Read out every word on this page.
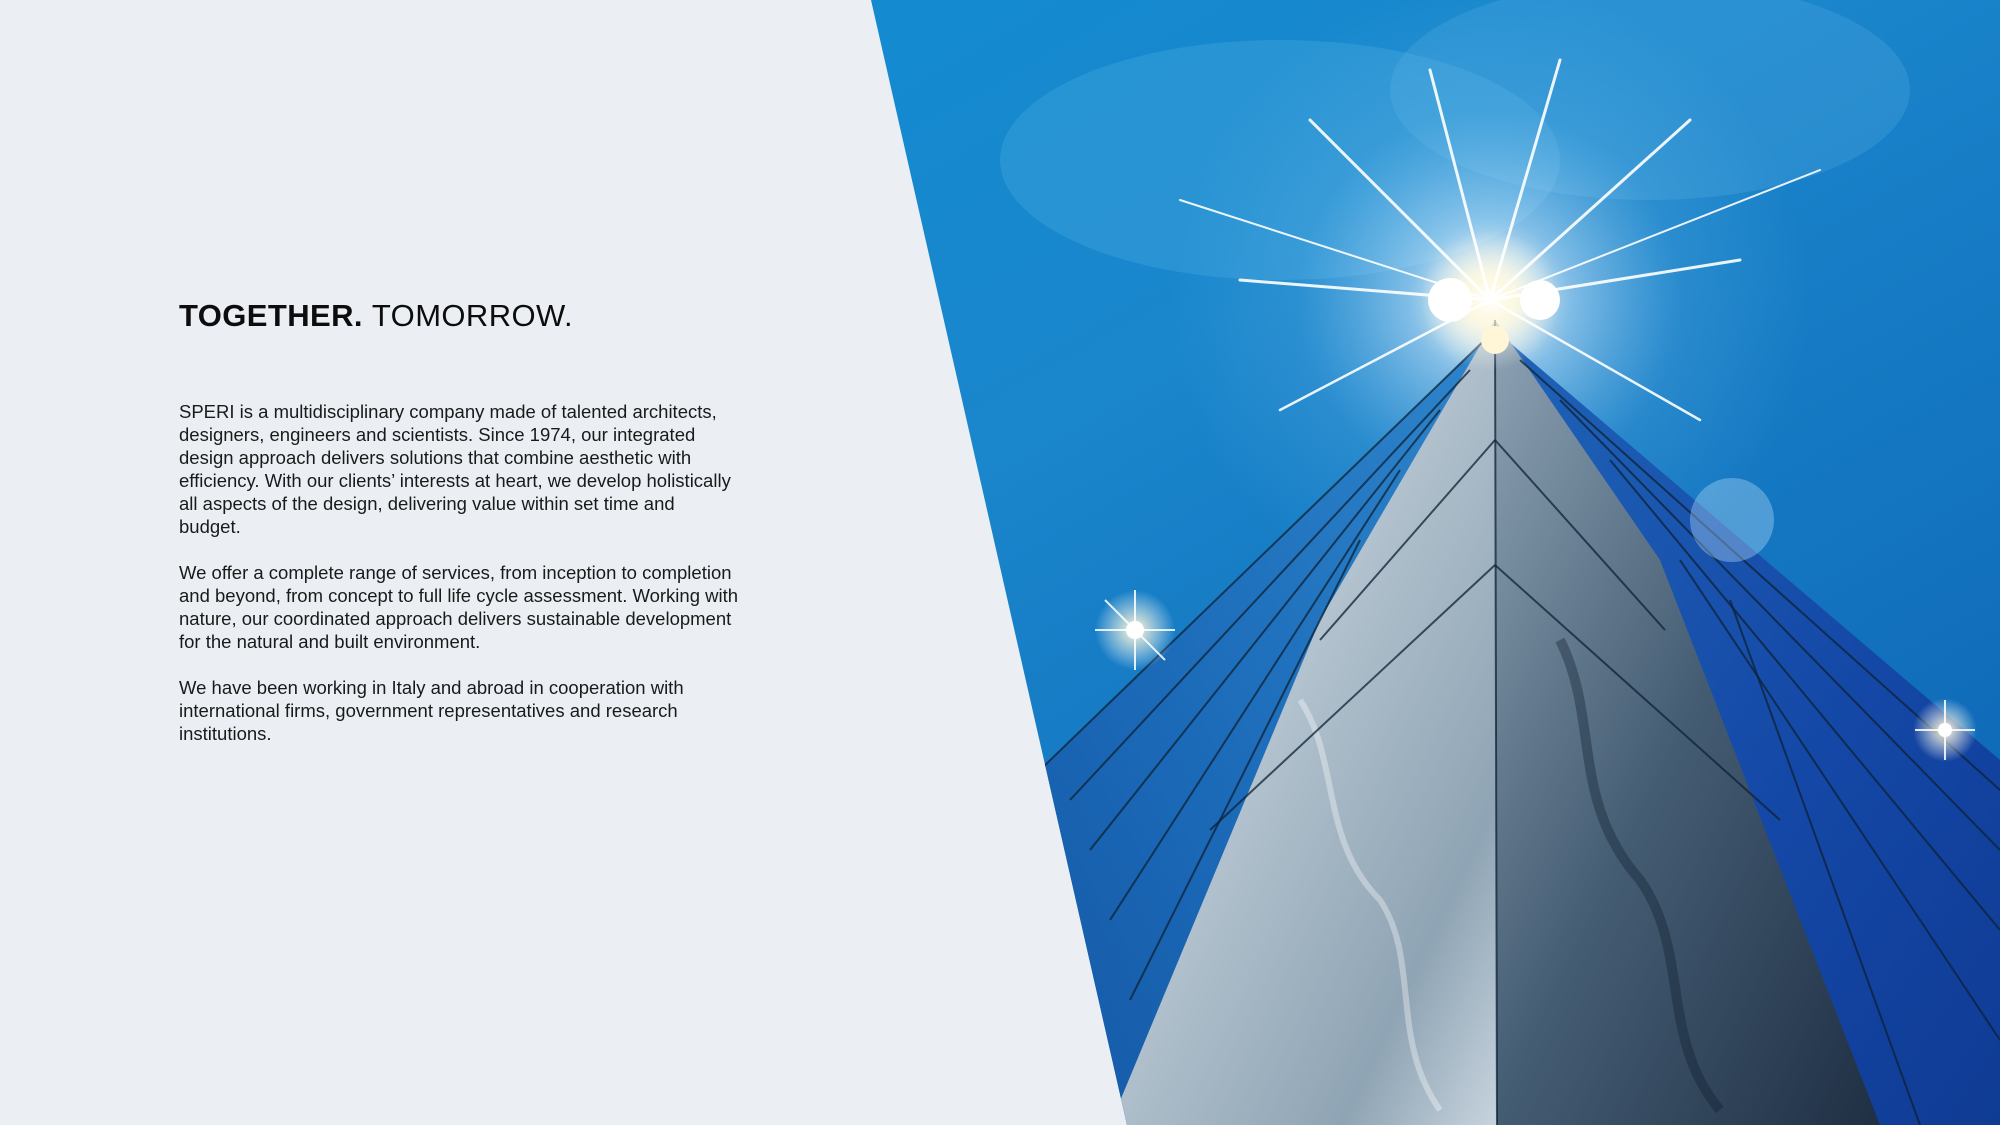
TOGETHER. TOMORROW.

SPERI is a multidisciplinary company made of talented architects, designers, engineers and scientists. Since 1974, our integrated design approach delivers solutions that combine aesthetic with efficiency. With our clients’ interests at heart, we develop holistically all aspects of the design, delivering value within set time and budget.

We offer a complete range of services, from inception to completion and beyond, from concept to full life cycle assessment. Working with nature, our coordinated approach delivers sustainable development for the natural and built environment.

We have been working in Italy and abroad in cooperation with international firms, government representatives and research institutions.
